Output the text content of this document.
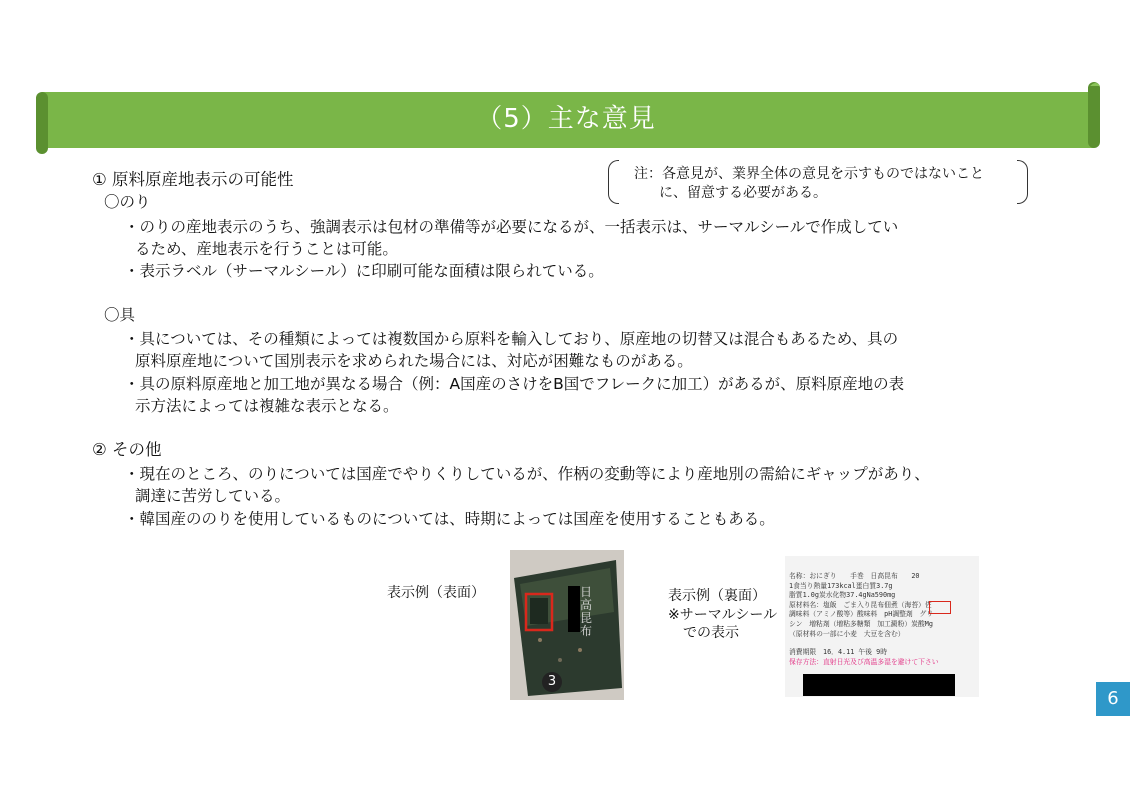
（5）主な意見
注：各意見が、業界全体の意見を示すものではないこと
に、留意する必要がある。
① 原料原産地表示の可能性
〇のり
・のりの産地表示のうち、強調表示は包材の準備等が必要になるが、一括表示は、サーマルシールで作成してい
るため、産地表示を行うことは可能。
・表示ラベル（サーマルシール）に印刷可能な面積は限られている。
〇具
・具については、その種類によっては複数国から原料を輸入しており、原産地の切替又は混合もあるため、具の
原料原産地について国別表示を求められた場合には、対応が困難なものがある。
・具の原料原産地と加工地が異なる場合（例：A国産のさけをB国でフレークに加工）があるが、原料原産地の表
示方法によっては複雑な表示となる。
② その他
・現在のところ、のりについては国産でやりくりしているが、作柄の変動等により産地別の需給にギャップがあり、
調達に苦労している。
・韓国産ののりを使用しているものについては、時期によっては国産を使用することもある。
表示例（表面）	表示例（裏面）
※サーマルシール
での表示
日高昆布
3
名称：おにぎり　　手巻　日高昆布　　20
1食当り熱量173kcal蛋白質3.7g
脂質1.0g炭水化物37.4gNa590mg
原材料名：塩飯　ごま入り昆布佃煮（海苔）佐
調味料（アミノ酸等）酸味料　pH調整剤　グリ
シン　増粘剤（増粘多糖類　加工澱粉）炭酸Mg
（原材料の一部に小麦　大豆を含む）
消費期限　16．4.11 午後 9時
保存方法：直射日光及び高温多湿を避けて下さい
6
